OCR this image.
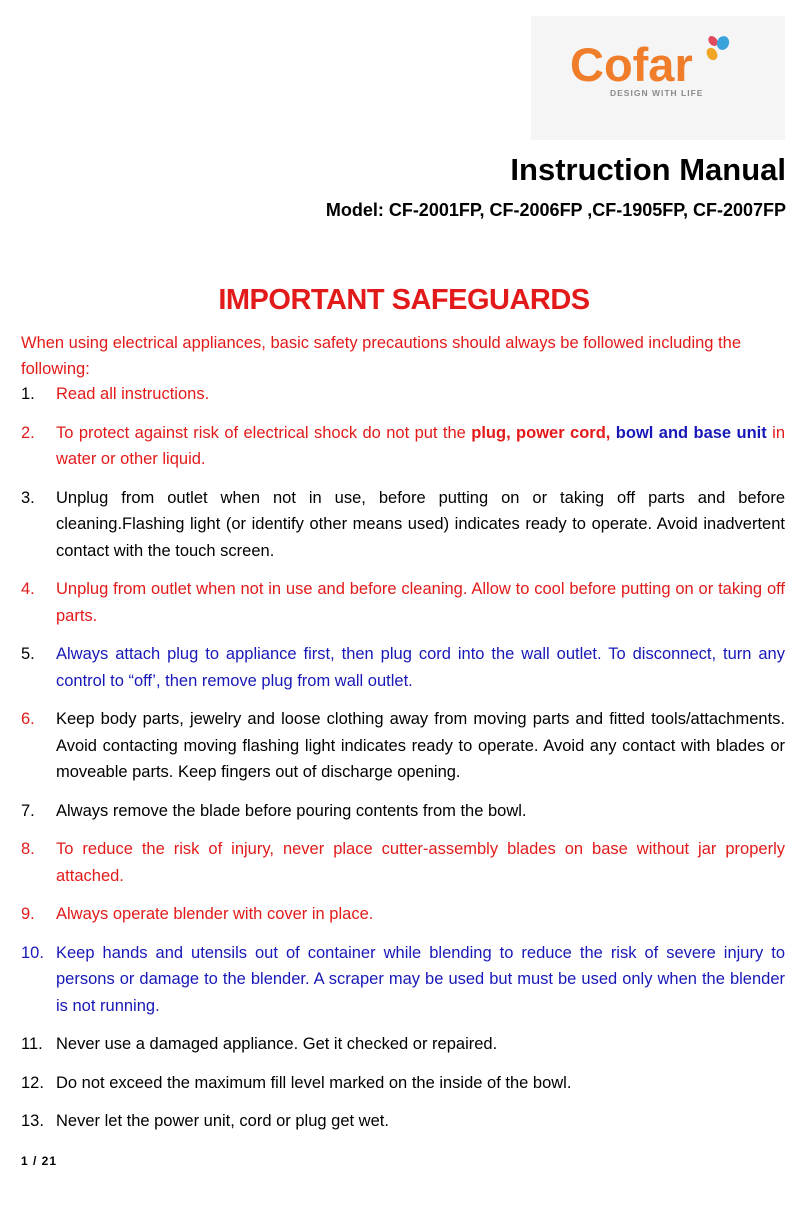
Cofar
DESIGN WITH LIFE
Instruction Manual
Model: CF-2001FP, CF-2006FP ,CF-1905FP, CF-2007FP
IMPORTANT SAFEGUARDS
When using electrical appliances, basic safety precautions should always be followed including the following:
1. Read all instructions.
2. To protect against risk of electrical shock do not put the plug, power cord, bowl and base unit in water or other liquid.
3. Unplug from outlet when not in use, before putting on or taking off parts and before cleaning.Flashing light (or identify other means used) indicates ready to operate. Avoid inadvertent contact with the touch screen.
4. Unplug from outlet when not in use and before cleaning. Allow to cool before putting on or taking off parts.
5. Always attach plug to appliance first, then plug cord into the wall outlet. To disconnect, turn any control to “off’, then remove plug from wall outlet.
6. Keep body parts, jewelry and loose clothing away from moving parts and fitted tools/attachments. Avoid contacting moving flashing light indicates ready to operate. Avoid any contact with blades or moveable parts. Keep fingers out of discharge opening.
7. Always remove the blade before pouring contents from the bowl.
8. To reduce the risk of injury, never place cutter-assembly blades on base without jar properly attached.
9. Always operate blender with cover in place.
10. Keep hands and utensils out of container while blending to reduce the risk of severe injury to persons or damage to the blender. A scraper may be used but must be used only when the blender is not running.
11. Never use a damaged appliance. Get it checked or repaired.
12. Do not exceed the maximum fill level marked on the inside of the bowl.
13. Never let the power unit, cord or plug get wet.
1 / 21
